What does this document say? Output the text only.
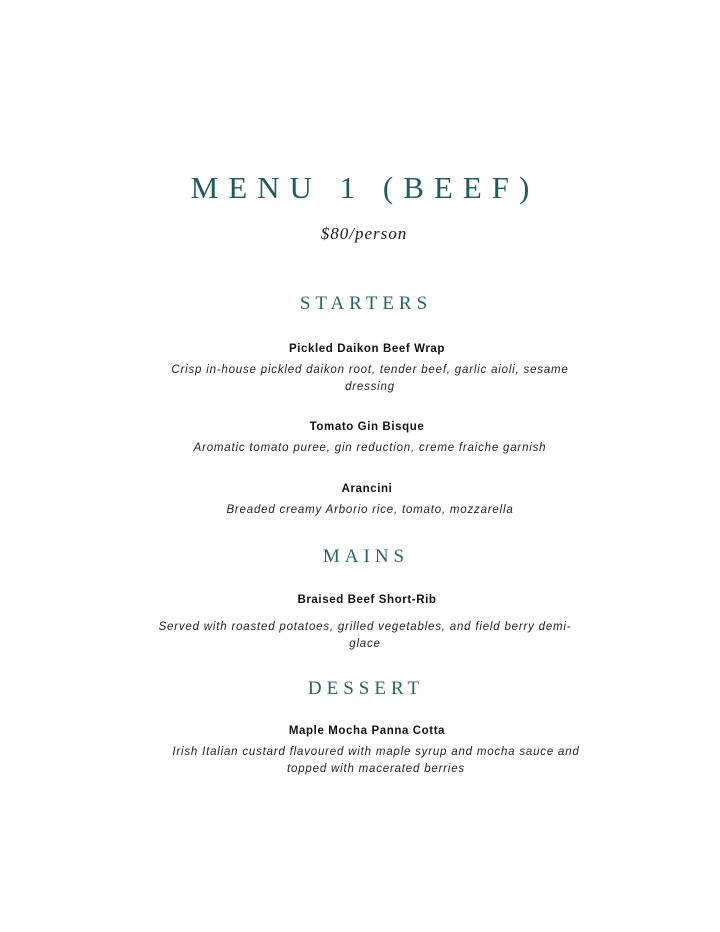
MENU 1 (BEEF)
$80/person
STARTERS
Pickled Daikon Beef Wrap
Crisp in-house pickled daikon root, tender beef, garlic aioli, sesame
dressing
Tomato Gin Bisque
Aromatic tomato puree, gin reduction, creme fraiche garnish
Arancini
Breaded creamy Arborio rice, tomato, mozzarella
MAINS
Braised Beef Short-Rib
Served with roasted potatoes, grilled vegetables, and field berry demi-
glace
DESSERT
Maple Mocha Panna Cotta
Irish Italian custard flavoured with maple syrup and mocha sauce and
topped with macerated berries
